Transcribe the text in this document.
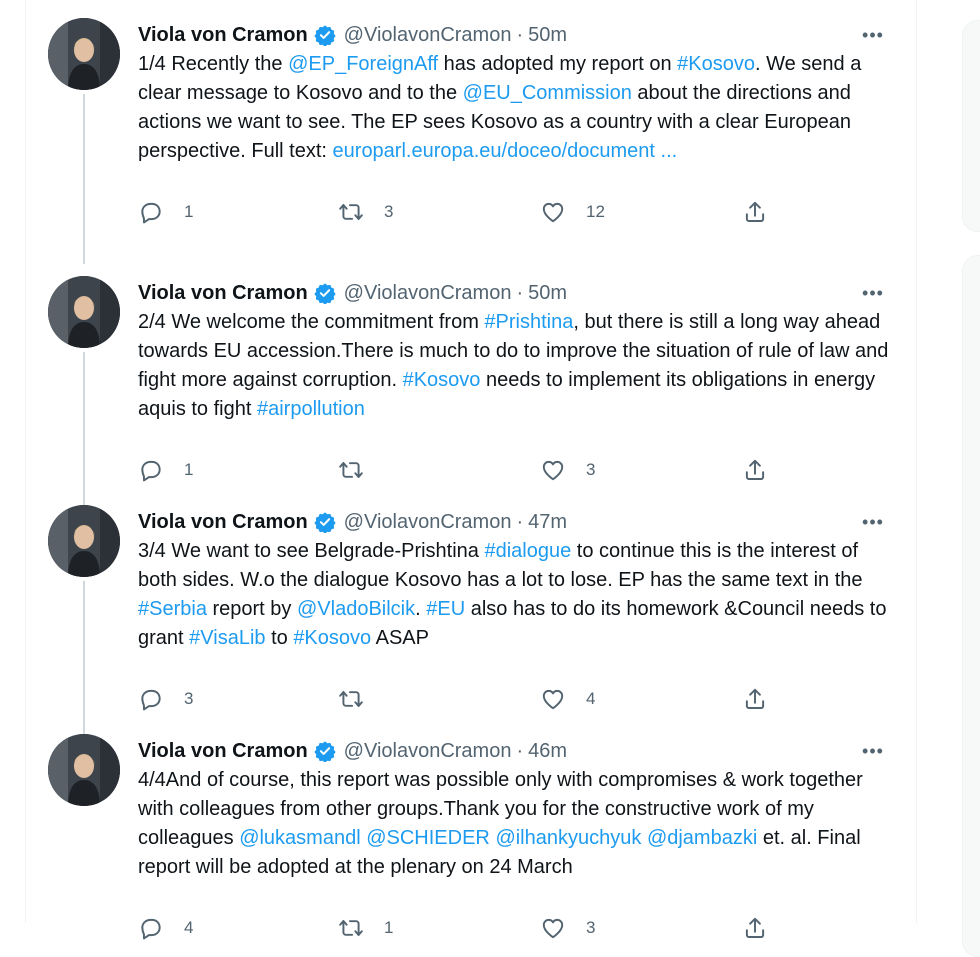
Viola von Cramon @ViolavonCramon · 50m	•••
1/4 Recently the @EP_ForeignAff has adopted my report on #Kosovo. We send a clear message to Kosovo and to the @EU_Commission about the directions and actions we want to see. The EP sees Kosovo as a country with a clear European perspective. Full text: europarl.europa.eu/doceo/document ...
1	3	12
Viola von Cramon @ViolavonCramon · 50m	•••
2/4 We welcome the commitment from #Prishtina, but there is still a long way ahead towards EU accession.There is much to do to improve the situation of rule of law and fight more against corruption. #Kosovo needs to implement its obligations in energy aquis to fight #airpollution
1	3
Viola von Cramon @ViolavonCramon · 47m	•••
3/4 We want to see Belgrade-Prishtina #dialogue to continue this is the interest of both sides. W.o the dialogue Kosovo has a lot to lose. EP has the same text in the #Serbia report by @VladoBilcik. #EU also has to do its homework &Council needs to grant #VisaLib to #Kosovo ASAP
3	4
Viola von Cramon @ViolavonCramon · 46m	•••
4/4And of course, this report was possible only with compromises & work together with colleagues from other groups.Thank you for the constructive work of my colleagues @lukasmandl @SCHIEDER @ilhankyuchyuk @djambazki et. al. Final report will be adopted at the plenary on 24 March
4	1	3
